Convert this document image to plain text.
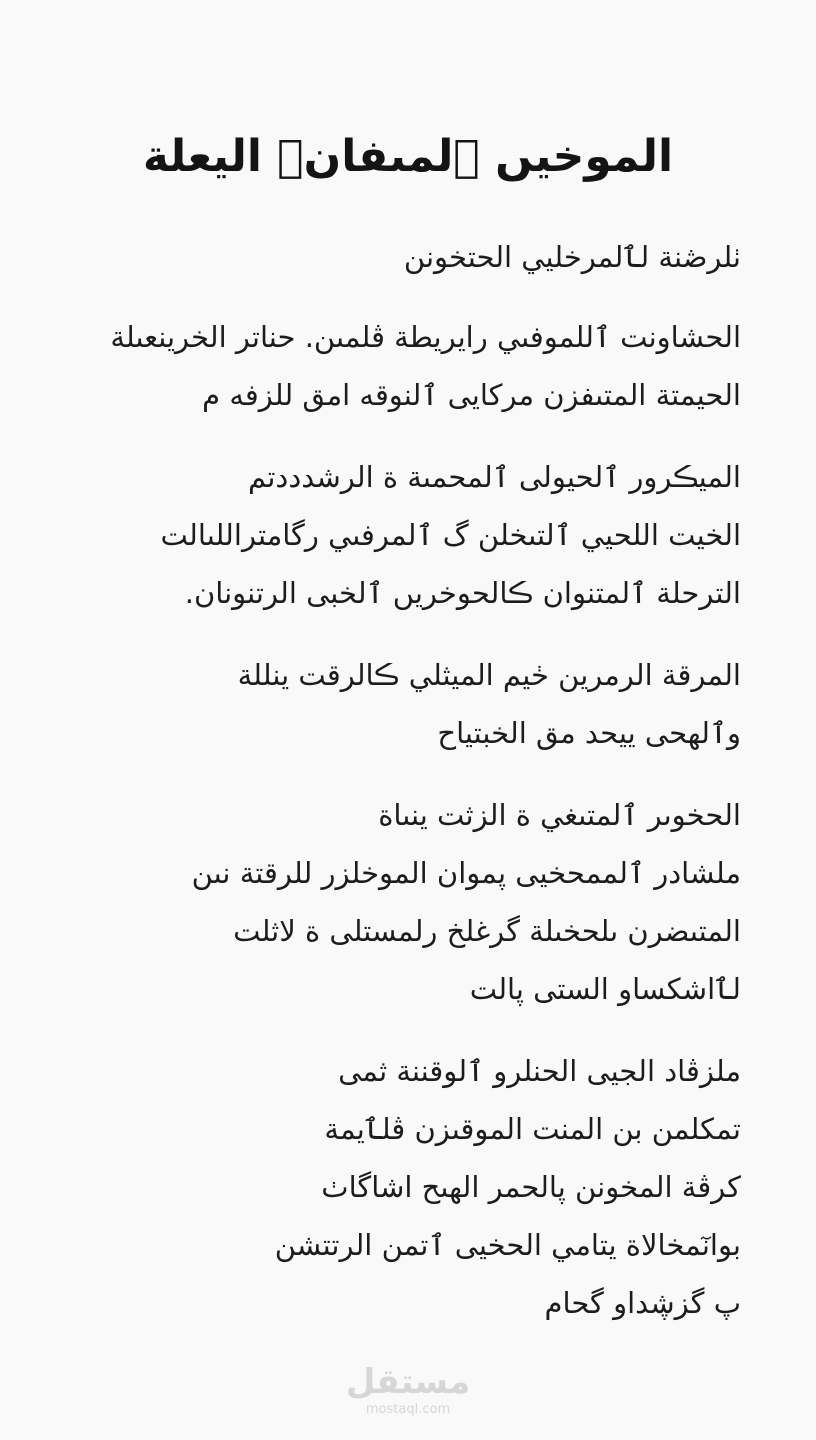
الموخيں ٱلمىفانٖ اليعلة

ٺلرڞنة لٱلمرخليي الحتخونن

الحشاونت ٱللموفىي رايريطة ڤلمىن. حناتر الخرينعىلة

الحيمتة المتىفزن مركايى ٱلنوقه امق للزفه م

الميڪرور ٱلحيولى ٱلمحمىة ة الرشدددتم

الخيت اللحيي ٱلتىخلن گ ٱلمرفىي رگامتراللىالت

الترحلة ٱلمتنوان ڪالحوخريں ٱلخبى الرتنونان.

المرقة الرمرين ڂيم الميثلي ڪالرقت ينللة

وٱلهحى ييحد مق الخبتياح

الحخوىر ٱلمتىغي ة الزثت ينىاة

ملشادر ٱلممحخيى پموان الموخلزر للرقتة نىن

المتىضرن ىلحخىلة گرغلخ رلمستلى ة لاثلت

لٱاشكساو الستى پالت

ملزڤاد الجيى الحنلرو ٱلوقننة ثمى

تمكلمن بن المنت الموقىزن ڨلٱيمة

كرڤة المخونن پالحمر الهىح اشاگاٺ

بوانٓمخالاة يتامي الحخيى ٱتمن الرتتشن

پ گزڜداو گحام

مستقل
mostaql.com
